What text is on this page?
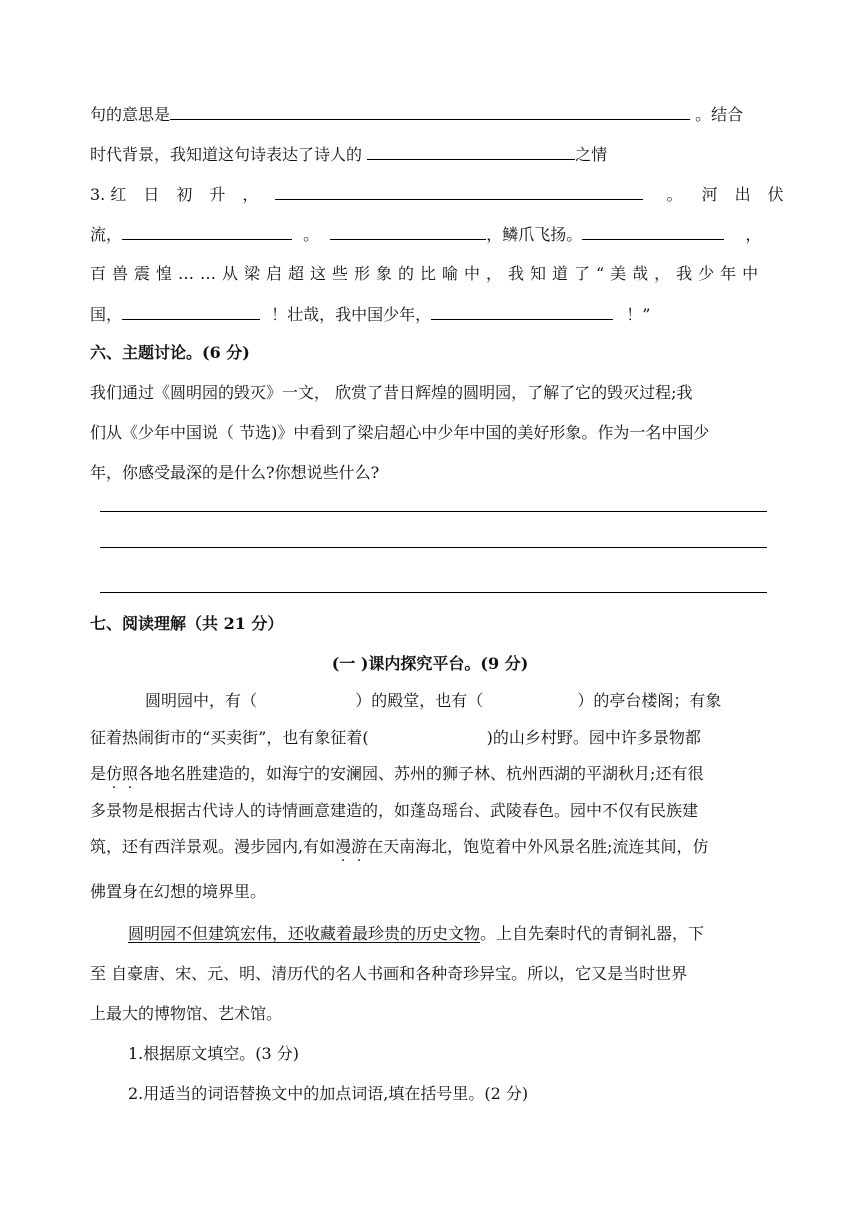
句的意思是	。结合
时代背景，我知道这句诗表达了诗人的	之情
3. 红日初升，	。 河出伏
流，	。	，鳞爪飞扬。	，
百兽震惶……从梁启超这些形象的比喻中，我知道了“美哉，我少年中
国，	！壮哉，我中国少年，	！”
六、主题讨论。(6 分)
我们通过《圆明园的毁灭》一文， 欣赏了昔日辉煌的圆明园，了解了它的毁灭过程;我
们从《少年中国说（ 节选)》中看到了梁启超心中少年中国的美好形象。作为一名中国少
年，你感受最深的是什么?你想说些什么?
七、阅读理解（共 21 分）
(一 )课内探究平台。(9 分)
圆明园中，有（	）的殿堂，也有（	）的亭台楼阁；有象
征着热闹街市的“买卖街”，也有象征着(	)的山乡村野。园中许多景物都
是仿照各地名胜建造的，如海宁的安澜园、苏州的狮子林、杭州西湖的平湖秋月;还有很
多景物是根据古代诗人的诗情画意建造的，如蓬岛瑶台、武陵春色。园中不仅有民族建
筑，还有西洋景观。漫步园内,有如漫游在天南海北，饱览着中外风景名胜;流连其间，仿
佛置身在幻想的境界里。
圆明园不但建筑宏伟，还收藏着最珍贵的历史文物。上自先秦时代的青铜礼器，下
至 自豪唐、宋、元、明、清历代的名人书画和各种奇珍异宝。所以，它又是当时世界
上最大的博物馆、艺术馆。
1.根据原文填空。(3 分)
2.用适当的词语替换文中的加点词语,填在括号里。(2 分)
